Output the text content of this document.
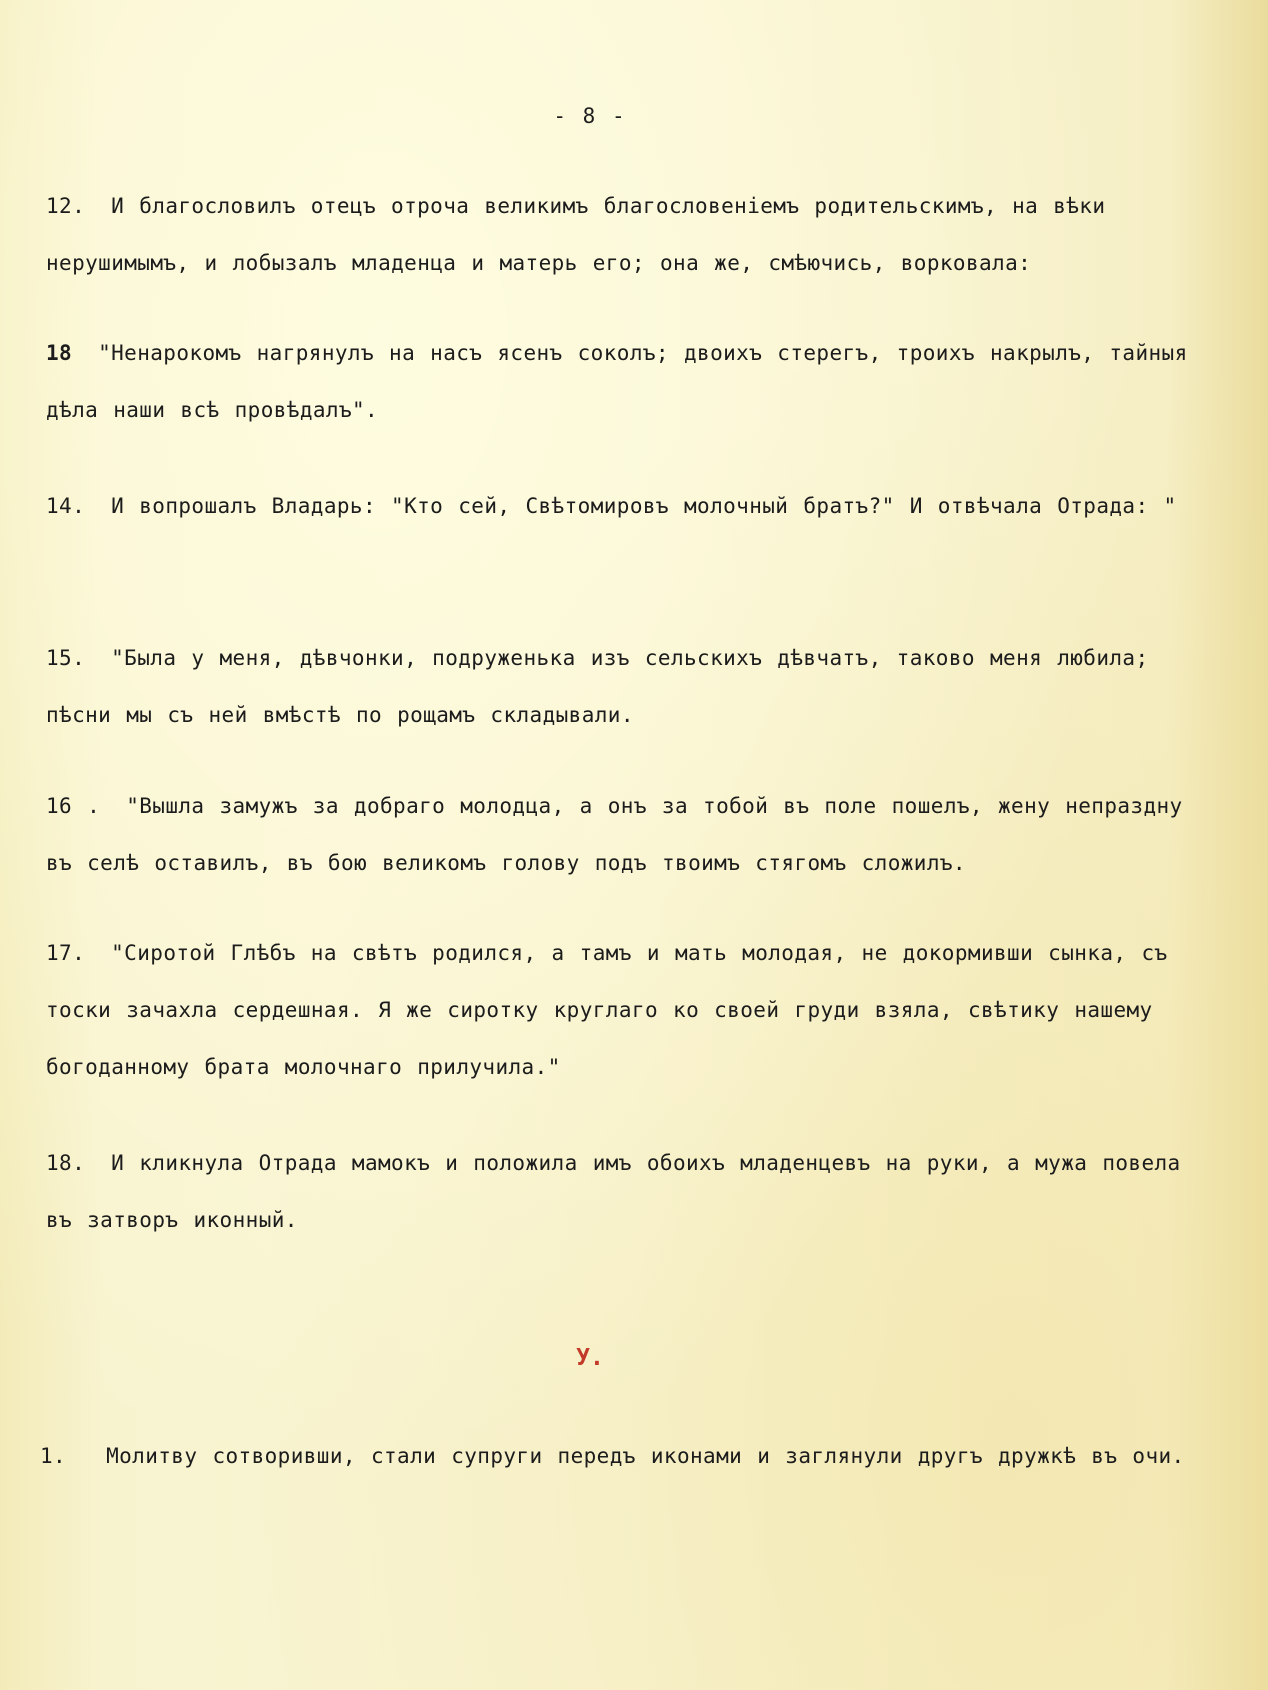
- 8 -
12. И благословилъ отецъ отроча великимъ благословеніемъ родительскимъ, на вѣки нерушимымъ, и лобызалъ младенца и матерь его; она же, смѣючись, ворковала:
18 "Ненарокомъ нагрянулъ на насъ ясенъ соколъ; двоихъ стерегъ, троихъ накрылъ, тайныя дѣла наши всѣ провѣдалъ".
14. И вопрошалъ Владарь: "Кто сей, Свѣтомировъ молочный братъ?" И отвѣчала Отрада: "
15. "Была у меня, дѣвчонки, подруженька изъ сельскихъ дѣвчатъ, таково меня любила; пѣсни мы съ ней вмѣстѣ по рощамъ складывали.
16 . "Вышла замужъ за добраго молодца, а онъ за тобой въ поле пошелъ, жену непраздну въ селѣ оставилъ, въ бою великомъ голову подъ твоимъ стягомъ сложилъ.
17. "Сиротой Глѣбъ на свѣтъ родился, а тамъ и мать молодая, не докормивши сынка, съ тоски зачахла сердешная. Я же сиротку круглаго ко своей груди взяла, свѣтику нашему богоданному брата молочнаго прилучила."
18. И кликнула Отрада мамокъ и положила имъ обоихъ младенцевъ на руки, а мужа повела въ затворъ иконный.
У.
1. Молитву сотворивши, стали супруги передъ иконами и заглянули другъ дружкѣ въ очи.
